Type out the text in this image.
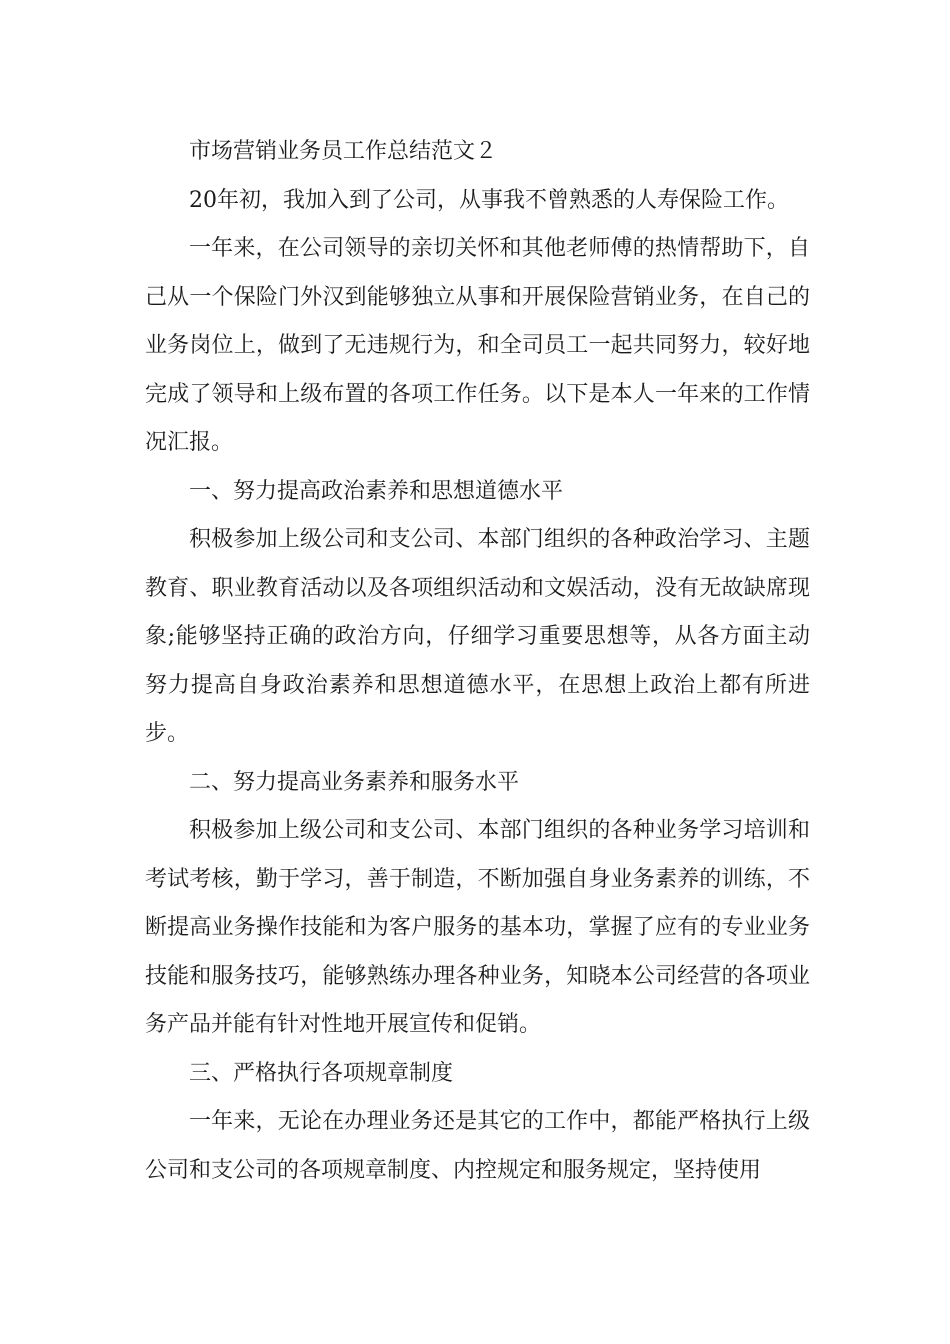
市场营销业务员工作总结范文２

20年初，我加入到了公司，从事我不曾熟悉的人寿保险工作。

一年来，在公司领导的亲切关怀和其他老师傅的热情帮助下，自己从一个保险门外汉到能够独立从事和开展保险营销业务，在自己的业务岗位上，做到了无违规行为，和全司员工一起共同努力，较好地完成了领导和上级布置的各项工作任务。以下是本人一年来的工作情况汇报。

一、努力提高政治素养和思想道德水平

积极参加上级公司和支公司、本部门组织的各种政治学习、主题教育、职业教育活动以及各项组织活动和文娱活动，没有无故缺席现象;能够坚持正确的政治方向，仔细学习重要思想等，从各方面主动努力提高自身政治素养和思想道德水平，在思想上政治上都有所进步。

二、努力提高业务素养和服务水平

积极参加上级公司和支公司、本部门组织的各种业务学习培训和考试考核，勤于学习，善于制造，不断加强自身业务素养的训练，不断提高业务操作技能和为客户服务的基本功，掌握了应有的专业业务技能和服务技巧，能够熟练办理各种业务，知晓本公司经营的各项业务产品并能有针对性地开展宣传和促销。

三、严格执行各项规章制度

一年来，无论在办理业务还是其它的工作中，都能严格执行上级公司和支公司的各项规章制度、内控规定和服务规定，坚持使用
